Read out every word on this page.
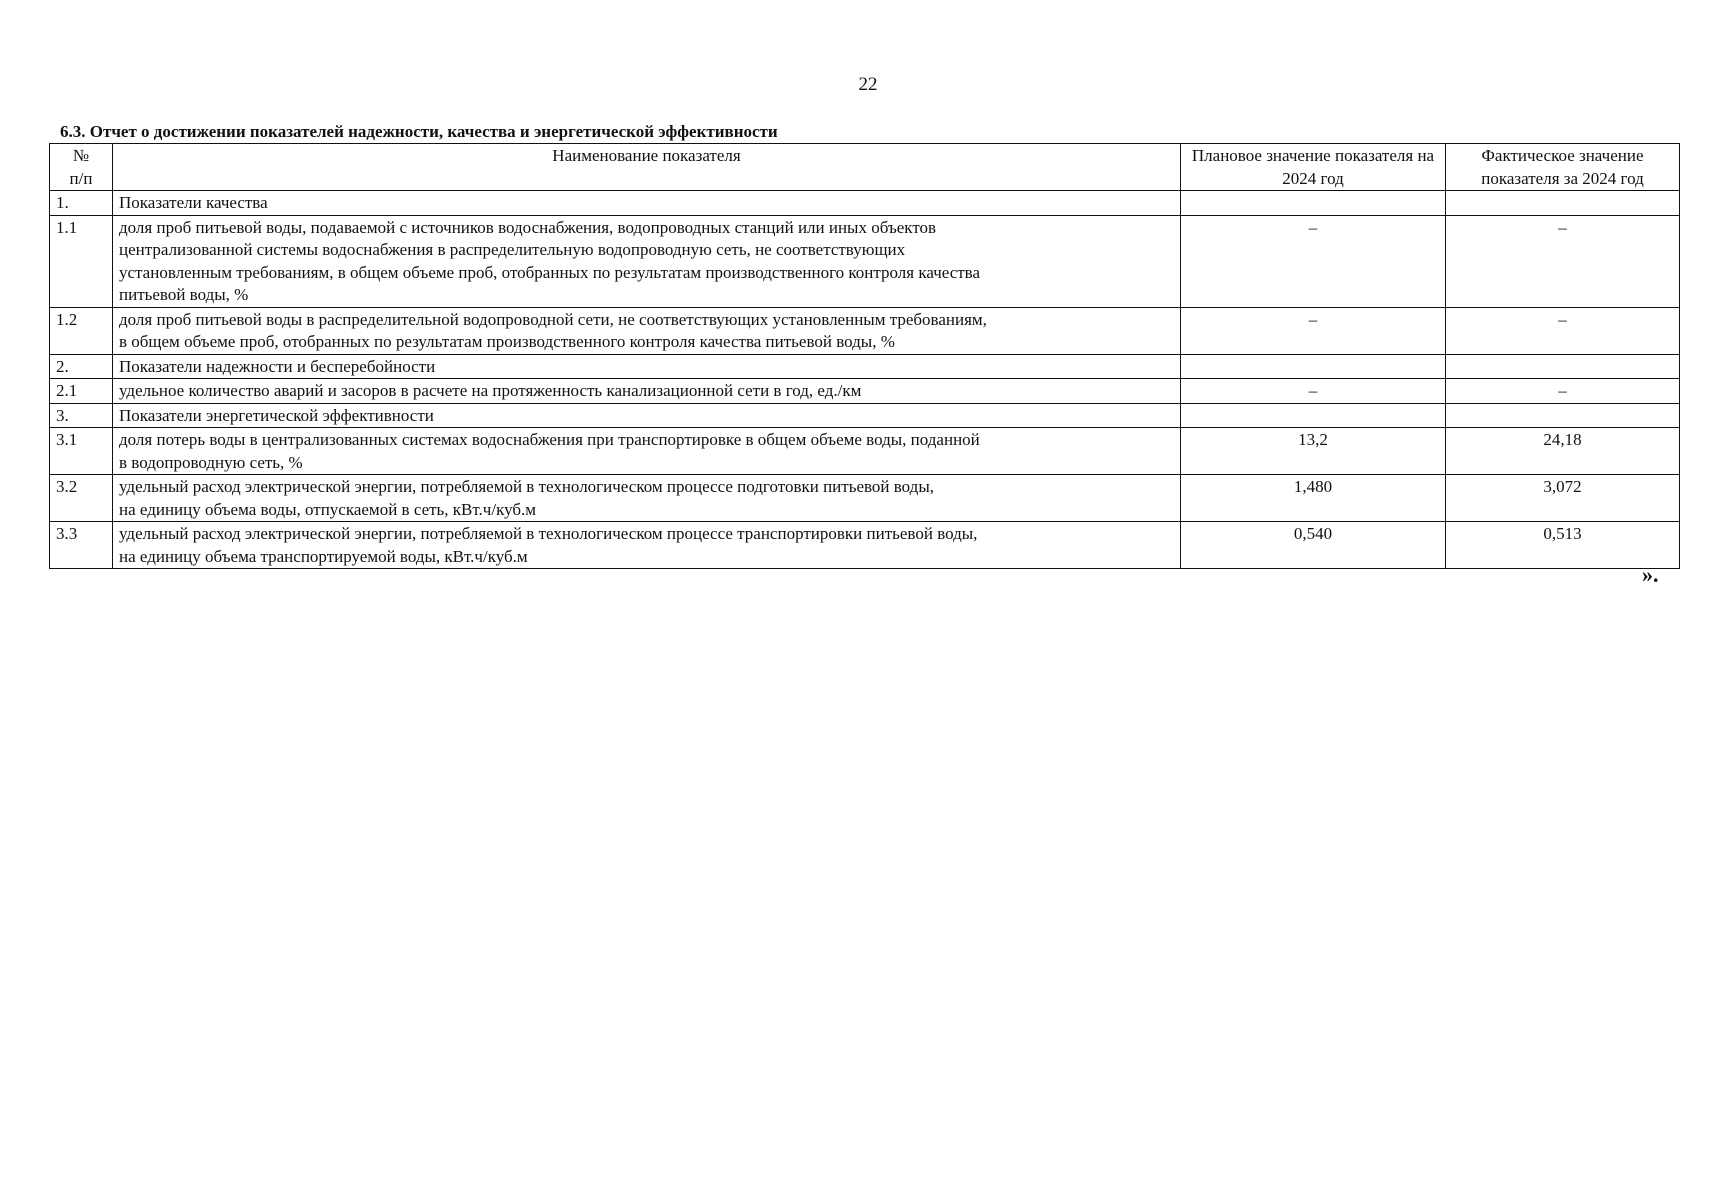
22
6.3. Отчет о достижении показателей надежности, качества и энергетической эффективности
№
п/п	Наименование показателя	Плановое значение показателя на 2024 год	Фактическое значение показателя за 2024 год
1.	Показатели качества		
1.1	доля проб питьевой воды, подаваемой с источников водоснабжения, водопроводных станций или иных объектов
централизованной системы водоснабжения в распределительную водопроводную сеть, не соответствующих
установленным требованиям, в общем объеме проб, отобранных по результатам производственного контроля качества
питьевой воды, %	–	–
1.2	доля проб питьевой воды в распределительной водопроводной сети, не соответствующих установленным требованиям,
в общем объеме проб, отобранных по результатам производственного контроля качества питьевой воды, %	–	–
2.	Показатели надежности и бесперебойности		
2.1	удельное количество аварий и засоров в расчете на протяженность канализационной сети в год, ед./км	–	–
3.	Показатели энергетической эффективности		
3.1	доля потерь воды в централизованных системах водоснабжения при транспортировке в общем объеме воды, поданной
в водопроводную сеть, %	13,2	24,18
3.2	удельный расход электрической энергии, потребляемой в технологическом процессе подготовки питьевой воды,
на единицу объема воды, отпускаемой в сеть, кВт.ч/куб.м	1,480	3,072
3.3	удельный расход электрической энергии, потребляемой в технологическом процессе транспортировки питьевой воды,
на единицу объема транспортируемой воды, кВт.ч/куб.м	0,540	0,513
».
